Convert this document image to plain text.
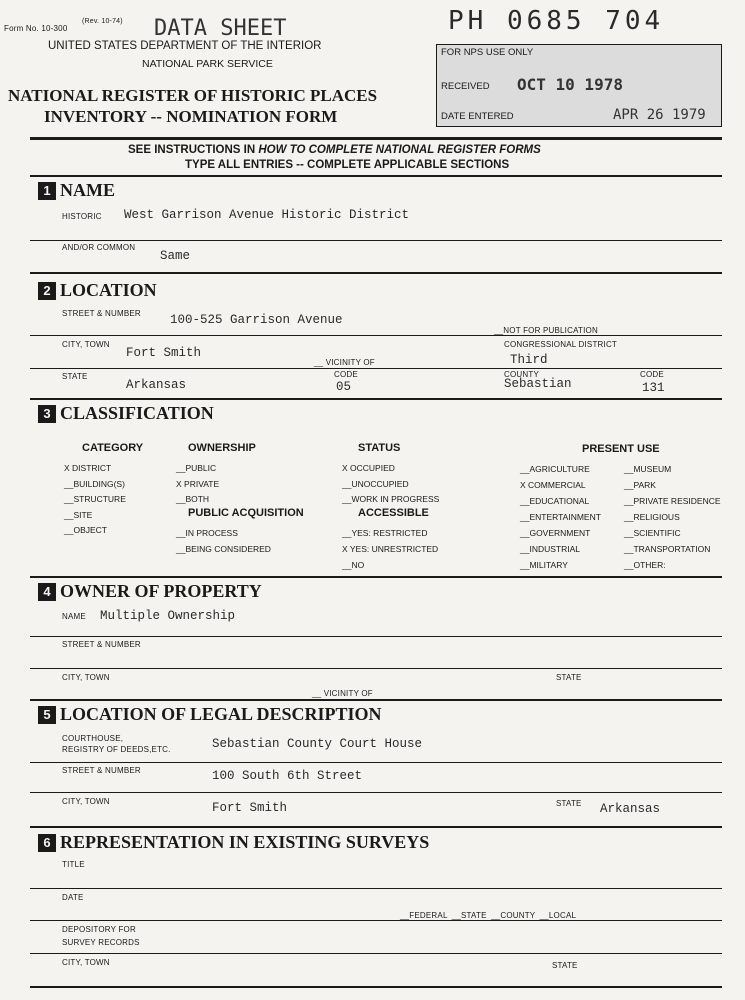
Form No. 10-300
(Rev. 10-74) DATA SHEET
UNITED STATES DEPARTMENT OF THE INTERIOR
NATIONAL PARK SERVICE
NATIONAL REGISTER OF HISTORIC PLACES
INVENTORY -- NOMINATION FORM
PH 0685 704
FOR NPS USE ONLY
RECEIVED OCT 10 1978
DATE ENTERED	APR 26 1979
SEE INSTRUCTIONS IN HOW TO COMPLETE NATIONAL REGISTER FORMS
TYPE ALL ENTRIES -- COMPLETE APPLICABLE SECTIONS
1 NAME
HISTORIC West Garrison Avenue Historic District
AND/OR COMMON
Same
2 LOCATION
STREET & NUMBER 100-525 Garrison Avenue
__NOT FOR PUBLICATION
CITY, TOWN
Fort Smith
__ VICINITY OF
CONGRESSIONAL DISTRICT
Third
STATE
Arkansas
CODE
05
COUNTY
Sebastian
CODE
131
3 CLASSIFICATION
CATEGORY	OWNERSHIP	STATUS	PRESENT USE
X DISTRICT
__BUILDING(S)
__STRUCTURE
__SITE
__OBJECT
__PUBLIC
X PRIVATE
__BOTH
PUBLIC ACQUISITION
__IN PROCESS
__BEING CONSIDERED
X OCCUPIED
__UNOCCUPIED
__WORK IN PROGRESS
ACCESSIBLE
__YES: RESTRICTED
X YES: UNRESTRICTED
__NO
__AGRICULTURE
X COMMERCIAL
__EDUCATIONAL
__ENTERTAINMENT
__GOVERNMENT
__INDUSTRIAL
__MILITARY
__MUSEUM
__PARK
__PRIVATE RESIDENCE
__RELIGIOUS
__SCIENTIFIC
__TRANSPORTATION
__OTHER:
4 OWNER OF PROPERTY
NAME Multiple Ownership
STREET & NUMBER
CITY, TOWN
__ VICINITY OF
STATE
5 LOCATION OF LEGAL DESCRIPTION
COURTHOUSE,
REGISTRY OF DEEDS,ETC.	Sebastian County Court House
STREET & NUMBER	100 South 6th Street
CITY, TOWN	Fort Smith	STATE Arkansas
6 REPRESENTATION IN EXISTING SURVEYS
TITLE
DATE
__FEDERAL __STATE __COUNTY __LOCAL
DEPOSITORY FOR
SURVEY RECORDS
CITY, TOWN	STATE
